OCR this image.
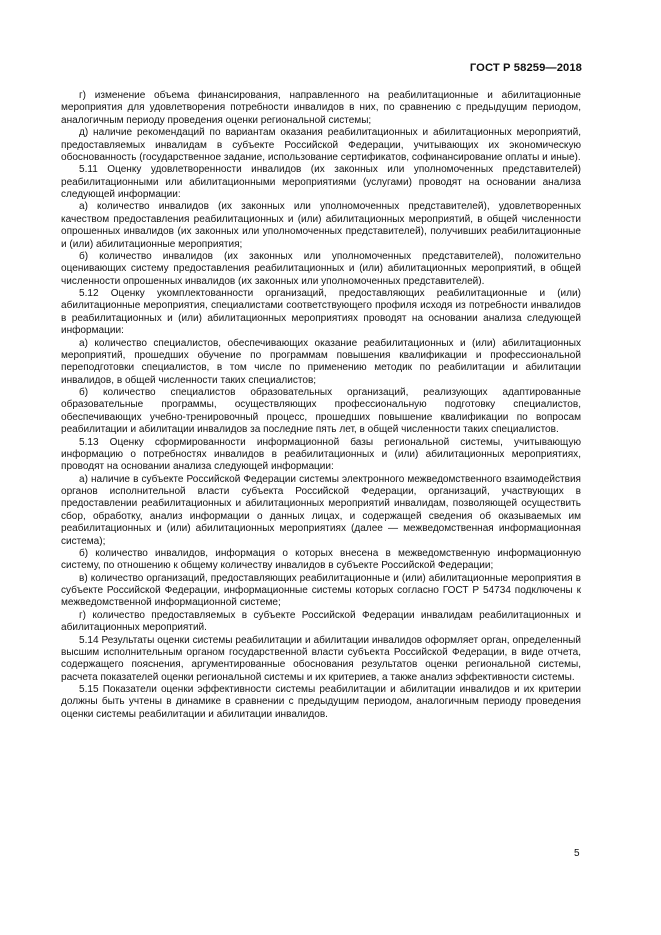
ГОСТ Р 58259—2018

г) изменение объема финансирования, направленного на реабилитационные и абилитационные мероприятия для удовлетворения потребности инвалидов в них, по сравнению с предыдущим периодом, аналогичным периоду проведения оценки региональной системы;

д) наличие рекомендаций по вариантам оказания реабилитационных и абилитационных мероприятий, предоставляемых инвалидам в субъекте Российской Федерации, учитывающих их экономическую обоснованность (государственное задание, использование сертификатов, софинансирование оплаты и иные).

5.11 Оценку удовлетворенности инвалидов (их законных или уполномоченных представителей) реабилитационными или абилитационными мероприятиями (услугами) проводят на основании анализа следующей информации:

а) количество инвалидов (их законных или уполномоченных представителей), удовлетворенных качеством предоставления реабилитационных и (или) абилитационных мероприятий, в общей численности опрошенных инвалидов (их законных или уполномоченных представителей), получивших реабилитационные и (или) абилитационные мероприятия;

б) количество инвалидов (их законных или уполномоченных представителей), положительно оценивающих систему предоставления реабилитационных и (или) абилитационных мероприятий, в общей численности опрошенных инвалидов (их законных или уполномоченных представителей).

5.12 Оценку укомплектованности организаций, предоставляющих реабилитационные и (или) абилитационные мероприятия, специалистами соответствующего профиля исходя из потребности инвалидов в реабилитационных и (или) абилитационных мероприятиях проводят на основании анализа следующей информации:

а) количество специалистов, обеспечивающих оказание реабилитационных и (или) абилитационных мероприятий, прошедших обучение по программам повышения квалификации и профессиональной переподготовки специалистов, в том числе по применению методик по реабилитации и абилитации инвалидов, в общей численности таких специалистов;

б) количество специалистов образовательных организаций, реализующих адаптированные образовательные программы, осуществляющих профессиональную подготовку специалистов, обеспечивающих учебно-тренировочный процесс, прошедших повышение квалификации по вопросам реабилитации и абилитации инвалидов за последние пять лет, в общей численности таких специалистов.

5.13 Оценку сформированности информационной базы региональной системы, учитывающую информацию о потребностях инвалидов в реабилитационных и (или) абилитационных мероприятиях, проводят на основании анализа следующей информации:

а) наличие в субъекте Российской Федерации системы электронного межведомственного взаимодействия органов исполнительной власти субъекта Российской Федерации, организаций, участвующих в предоставлении реабилитационных и абилитационных мероприятий инвалидам, позволяющей осуществить сбор, обработку, анализ информации о данных лицах, и содержащей сведения об оказываемых им реабилитационных и (или) абилитационных мероприятиях (далее — межведомственная информационная система);

б) количество инвалидов, информация о которых внесена в межведомственную информационную систему, по отношению к общему количеству инвалидов в субъекте Российской Федерации;

в) количество организаций, предоставляющих реабилитационные и (или) абилитационные мероприятия в субъекте Российской Федерации, информационные системы которых согласно ГОСТ Р 54734 подключены к межведомственной информационной системе;

г) количество предоставляемых в субъекте Российской Федерации инвалидам реабилитационных и абилитационных мероприятий.

5.14 Результаты оценки системы реабилитации и абилитации инвалидов оформляет орган, определенный высшим исполнительным органом государственной власти субъекта Российской Федерации, в виде отчета, содержащего пояснения, аргументированные обоснования результатов оценки региональной системы, расчета показателей оценки региональной системы и их критериев, а также анализ эффективности системы.

5.15 Показатели оценки эффективности системы реабилитации и абилитации инвалидов и их критерии должны быть учтены в динамике в сравнении с предыдущим периодом, аналогичным периоду проведения оценки системы реабилитации и абилитации инвалидов.

5
